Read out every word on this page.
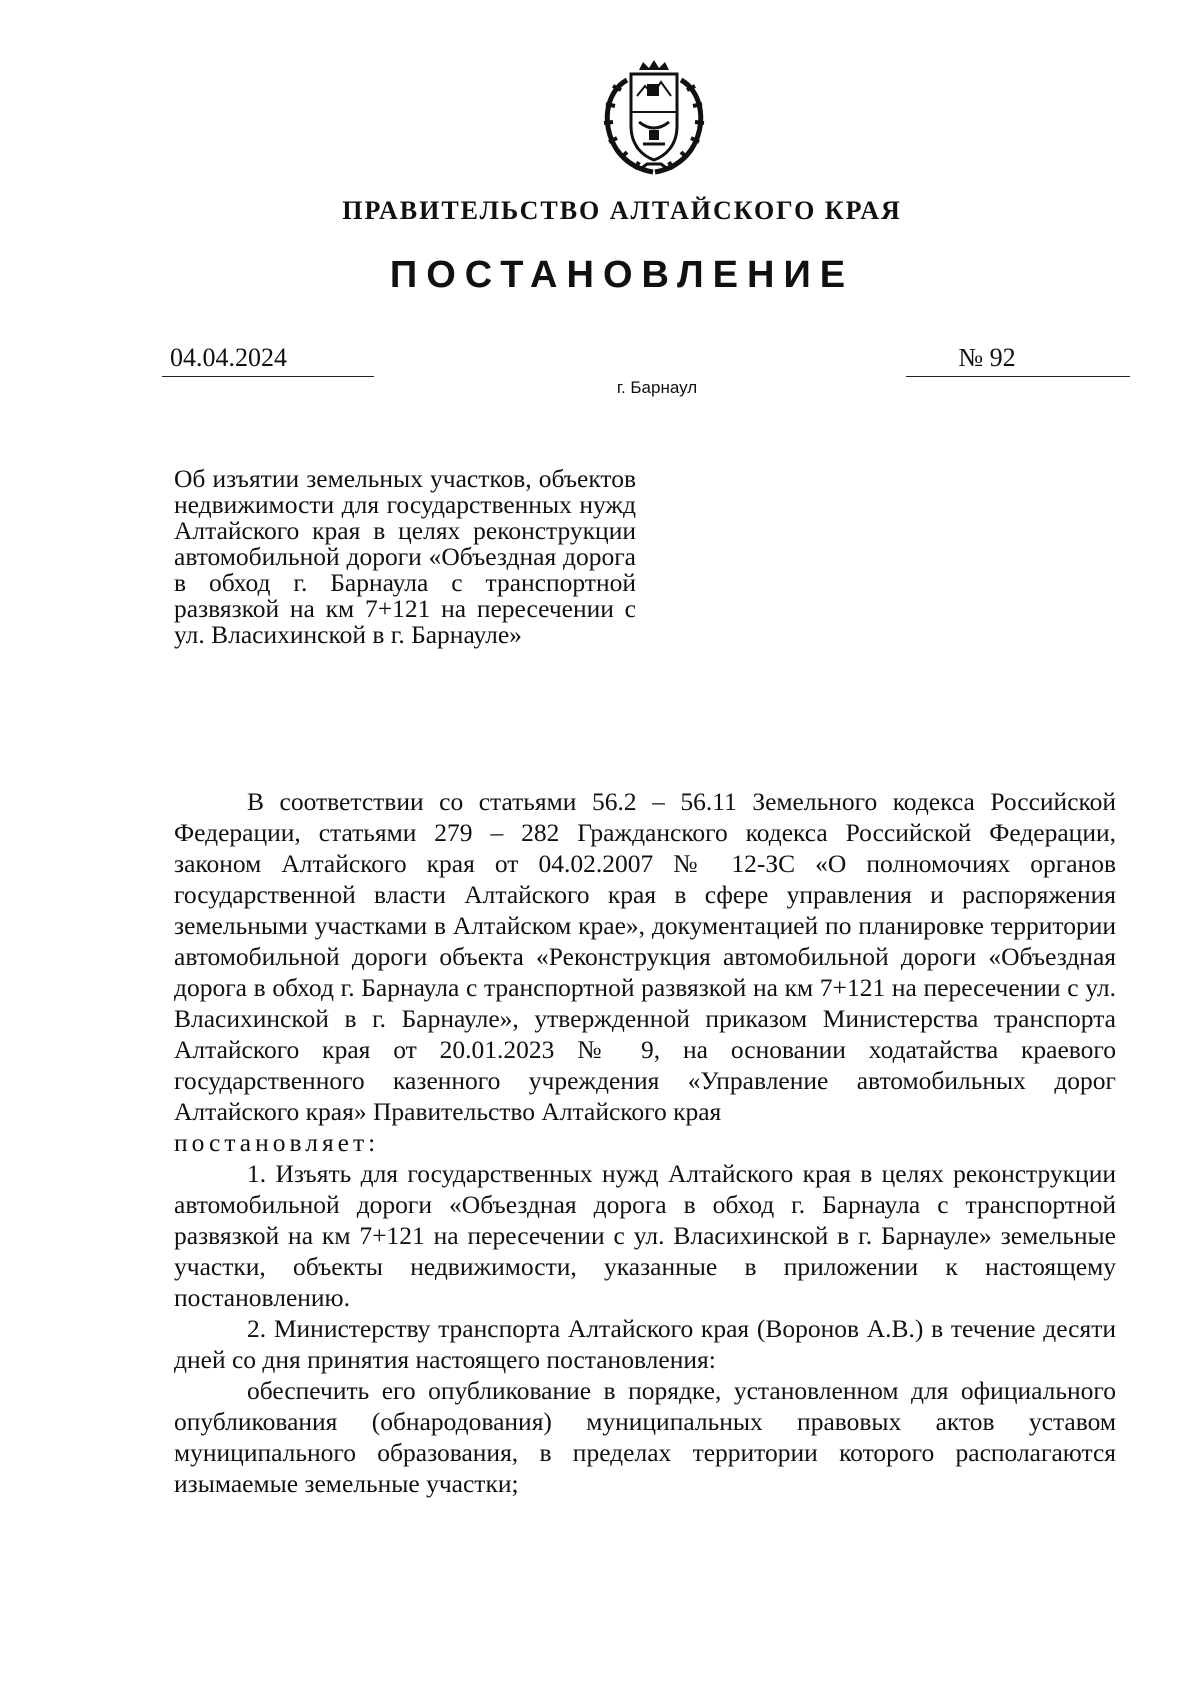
ПРАВИТЕЛЬСТВО АЛТАЙСКОГО КРАЯ
ПОСТАНОВЛЕНИЕ
04.04.2024	№ 92
г. Барнаул
Об изъятии земельных участков, объектов недвижимости для государственных нужд Алтайского края в целях реконструкции автомобильной дороги «Объездная дорога в обход г. Барнаула с транспортной развязкой на км 7+121 на пересечении с ул. Власихинской в г. Барнауле»

В соответствии со статьями 56.2 – 56.11 Земельного кодекса Российской Федерации, статьями 279 – 282 Гражданского кодекса Российской Федерации, законом Алтайского края от 04.02.2007 № 12-ЗС «О полномочиях органов государственной власти Алтайского края в сфере управления и распоряжения земельными участками в Алтайском крае», документацией по планировке территории автомобильной дороги объекта «Реконструкция автомобильной дороги «Объездная дорога в обход г. Барнаула с транспортной развязкой на км 7+121 на пересечении с ул. Власихинской в г. Барнауле», утвержденной приказом Министерства транспорта Алтайского края от 20.01.2023 № 9, на основании ходатайства краевого государственного казенного учреждения «Управление автомобильных дорог Алтайского края» Правительство Алтайского края

постановляет:

1. Изъять для государственных нужд Алтайского края в целях реконструкции автомобильной дороги «Объездная дорога в обход г. Барнаула с транспортной развязкой на км 7+121 на пересечении с ул. Власихинской в г. Барнауле» земельные участки, объекты недвижимости, указанные в приложении к настоящему постановлению.

2. Министерству транспорта Алтайского края (Воронов А.В.) в течение десяти дней со дня принятия настоящего постановления:

обеспечить его опубликование в порядке, установленном для официального опубликования (обнародования) муниципальных правовых актов уставом муниципального образования, в пределах территории которого располагаются изымаемые земельные участки;
